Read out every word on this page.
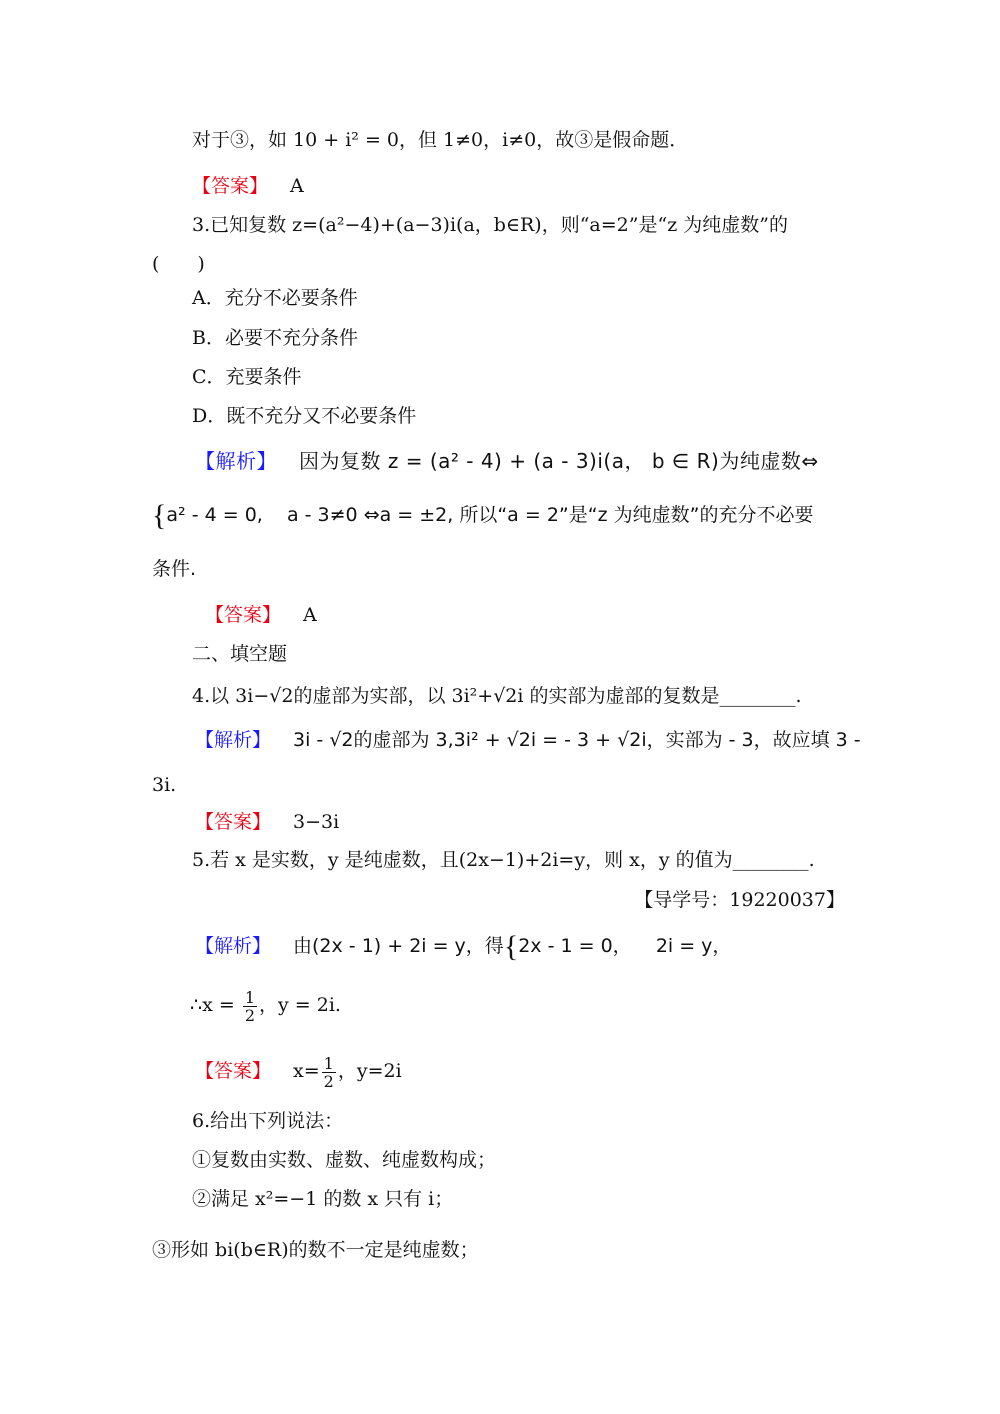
对于③，如 10 + i² = 0，但 1≠0，i≠0，故③是假命题．
【答案】 A
3.已知复数 z=(a²−4)+(a−3)i(a，b∈R)，则“a=2”是“z 为纯虚数”的
(　　)
A．充分不必要条件
B．必要不充分条件
C．充要条件
D．既不充分又不必要条件
【解析】 因为复数 z = (a² - 4) + (a - 3)i(a， b ∈ R)为纯虚数⇔
{a² - 4 = 0,    a - 3≠0 ⇔a = ±2, 所以“a = 2”是“z 为纯虚数”的充分不必要
条件.
【答案】 A
二、填空题
4.以 3i−√2的虚部为实部，以 3i²+√2i 的实部为虚部的复数是________.
【解析】 3i - √2的虚部为 3,3i² + √2i = - 3 + √2i，实部为 - 3，故应填 3 -
3i.
【答案】 3−3i
5.若 x 是实数，y 是纯虚数，且(2x−1)+2i=y，则 x，y 的值为________.
【导学号：19220037】
【解析】 由(2x - 1) + 2i = y，得{2x - 1 = 0，    2i = y，
∴x = $\frac{1}{2}$ ，y = 2i.
【答案】 $x= \frac{1}{2}$ ，y=2i
6.给出下列说法：
①复数由实数、虚数、纯虚数构成；
②满足 x²=−1 的数 x 只有 i；
③形如 bi(b∈R)的数不一定是纯虚数；
